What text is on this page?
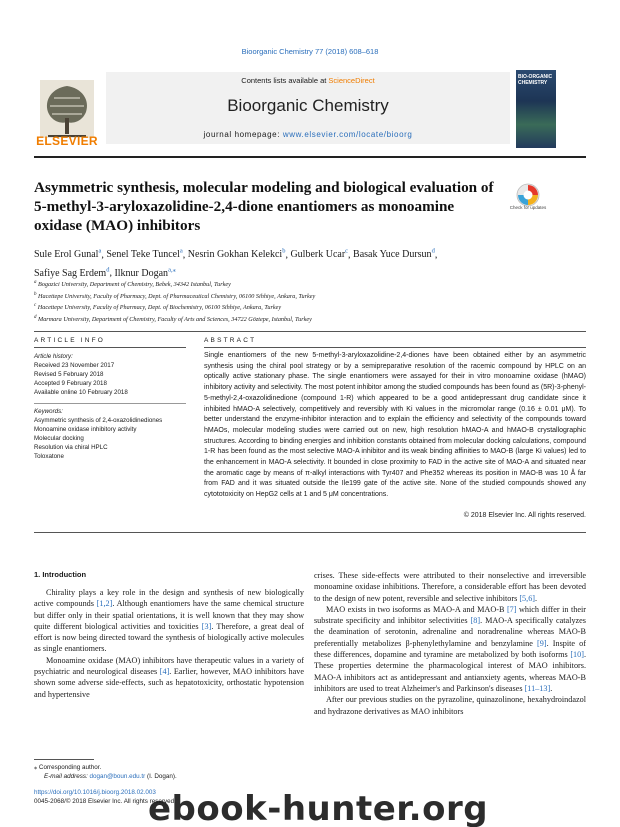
Bioorganic Chemistry 77 (2018) 608–618
ELSEVIER
Contents lists available at ScienceDirect
Bioorganic Chemistry
journal homepage: www.elsevier.com/locate/bioorg
BIO-ORGANIC CHEMISTRY
Asymmetric synthesis, molecular modeling and biological evaluation of 5-methyl-3-aryloxazolidine-2,4-dione enantiomers as monoamine oxidase (MAO) inhibitors
Check for updates
Sule Erol Gunal$^a$, Senel Teke Tuncel$^a$, Nesrin Gokhan Kelekci$^b$, Gulberk Ucar$^c$, Basak Yuce Dursun$^d$,
Safiye Sag Erdem$^d$, Ilknur Dogan$^{a,⁎}$
$^a$ Bogazici University, Department of Chemistry, Bebek, 34342 Istanbul, Turkey
$^b$ Hacettepe University, Faculty of Pharmacy, Dept. of Pharmaceutical Chemistry, 06100 Sihhiye, Ankara, Turkey
$^c$ Hacettepe University, Faculty of Pharmacy, Dept. of Biochemistry, 06100 Sihhiye, Ankara, Turkey
$^d$ Marmara University, Department of Chemistry, Faculty of Arts and Sciences, 34722 Göztepe, Istanbul, Turkey
ARTICLE INFO	ABSTRACT
Article history:
Received 23 November 2017
Revised 5 February 2018
Accepted 9 February 2018
Available online 10 February 2018
Keywords:
Asymmetric synthesis of 2,4-oxazolidinediones
Monoamine oxidase inhibitory activity
Molecular docking
Resolution via chiral HPLC
Toloxatone
Single enantiomers of the new 5-methyl-3-aryloxazolidine-2,4-diones have been obtained either by an asymmetric synthesis using the chiral pool strategy or by a semipreparative resolution of the racemic compound by HPLC on an optically active stationary phase. The single enantiomers were assayed for their in vitro monoamine oxidase (hMAO) inhibitory activity and selectivity. The most potent inhibitor among the studied compounds has been found as (5R)-3-phenyl-5-methyl-2,4-oxazolidinedione (compound 1-R) which appeared to be a good antidepressant drug candidate since it inhibited hMAO-A selectively, competitively and reversibly with Ki values in the micromolar range (0.16 ± 0.01 μM). To better understand the enzyme-inhibitor interaction and to explain the efficiency and selectivity of the compounds toward hMAOs, molecular modeling studies were carried out on new, high resolution hMAO-A and hMAO-B crystallographic structures. According to binding energies and inhibition constants obtained from molecular docking calculations, compound 1-R has been found as the most selective MAO-A inhibitor and its weak binding affinities to MAO-B (large Ki values) led to the enhancement in MAO-A selectivity. It bounded in close proximity to FAD in the active site of MAO-A and situated near the aromatic cage by means of π-alkyl interactions with Tyr407 and Phe352 whereas its position in MAO-B was 10 Å far from FAD and it was situated outside the Ile199 gate of the active site. None of the studied compounds showed any cytototoxicity on HepG2 cells at 1 and 5 μM concentrations.
© 2018 Elsevier Inc. All rights reserved.
1. Introduction

Chirality plays a key role in the design and synthesis of new biologically active compounds [1,2]. Although enantiomers have the same chemical structure but differ only in their spatial orientations, it is well known that they may show quite different biological activities and toxicities [3]. Therefore, a great deal of effort is now being directed toward the synthesis of biologically active molecules as single enantiomers.

Monoamine oxidase (MAO) inhibitors have therapeutic values in a variety of psychiatric and neurological diseases [4]. Earlier, however, MAO inhibitors have shown some adverse side-effects, such as hepatotoxicity, orthostatic hypotension and hypertensive

crises. These side-effects were attributed to their nonselective and irreversible monoamine oxidase inhibitions. Therefore, a considerable effort has been devoted to the design of new potent, reversible and selective inhibitors [5,6].

MAO exists in two isoforms as MAO-A and MAO-B [7] which differ in their substrate specificity and inhibitor selectivities [8]. MAO-A specifically catalyzes the deamination of serotonin, adrenaline and noradrenaline whereas MAO-B preferentially metabolizes β-phenylethylamine and benzylamine [9]. Inspite of these differences, dopamine and tyramine are metabolized by both isoforms [10]. These properties determine the pharmacological interest of MAO inhibitors. MAO-A inhibitors act as antidepressant and antianxiety agents, whereas MAO-B inhibitors are used to treat Alzheimer's and Parkinson's diseases [11–13].

After our previous studies on the pyrazoline, quinazolinone, hexahydroindazol and hydrazone derivatives as MAO inhibitors

⁎ Corresponding author.
E-mail address: dogan@boun.edu.tr (I. Dogan).
https://doi.org/10.1016/j.bioorg.2018.02.003
0045-2068/© 2018 Elsevier Inc. All rights reserved.
ebook-hunter.org
